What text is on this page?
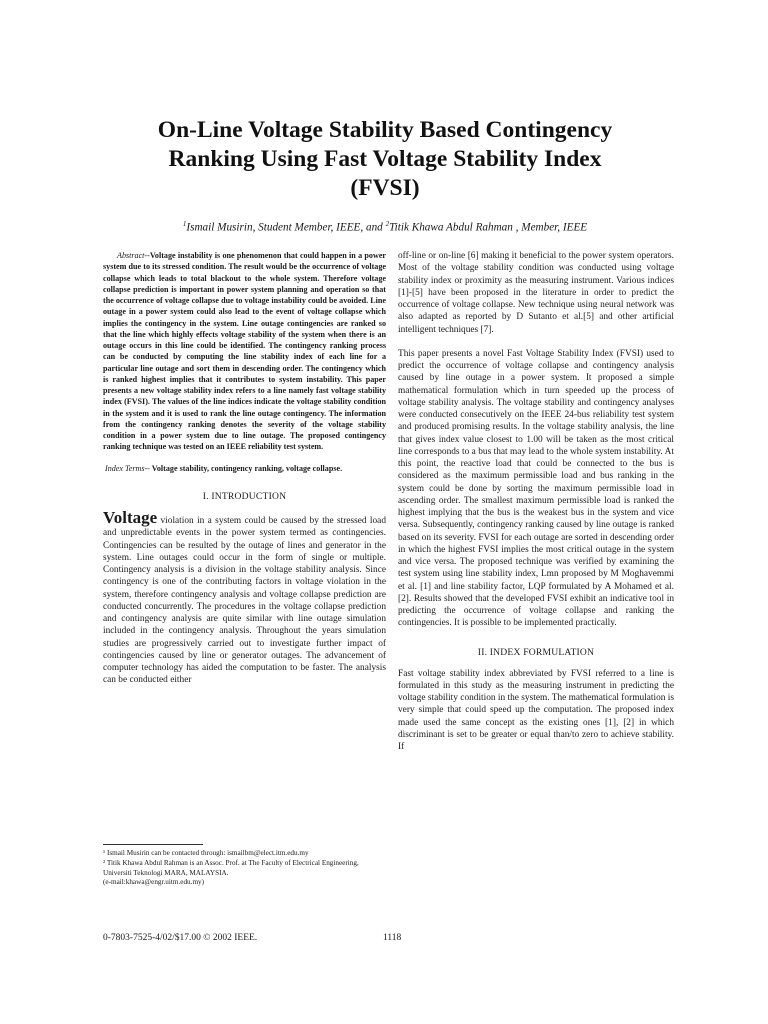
On-Line Voltage Stability Based Contingency
Ranking Using Fast Voltage Stability Index
(FVSI)

$^1$Ismail Musirin, Student Member, IEEE, and $^2$Titik Khawa Abdul Rahman , Member, IEEE

Abstract--Voltage instability is one phenomenon that could happen in a power system due to its stressed condition. The result would be the occurrence of voltage collapse which leads to total blackout to the whole system. Therefore voltage collapse prediction is important in power system planning and operation so that the occurrence of voltage collapse due to voltage instability could be avoided. Line outage in a power system could also lead to the event of voltage collapse which implies the contingency in the system. Line outage contingencies are ranked so that the line which highly effects voltage stability of the system when there is an outage occurs in this line could be identified. The contingency ranking process can be conducted by computing the line stability index of each line for a particular line outage and sort them in descending order. The contingency which is ranked highest implies that it contributes to system instability. This paper presents a new voltage stability index refers to a line namely fast voltage stability index (FVSI). The values of the line indices indicate the voltage stability condition in the system and it is used to rank the line outage contingency. The information from the contingency ranking denotes the severity of the voltage stability condition in a power system due to line outage. The proposed contingency ranking technique was tested on an IEEE reliability test system.

Index Terms-- Voltage stability, contingency ranking, voltage collapse.

I. INTRODUCTION

Voltage violation in a system could be caused by the stressed load and unpredictable events in the power system termed as contingencies. Contingencies can be resulted by the outage of lines and generator in the system. Line outages could occur in the form of single or multiple. Contingency analysis is a division in the voltage stability analysis. Since contingency is one of the contributing factors in voltage violation in the system, therefore contingency analysis and voltage collapse prediction are conducted concurrently. The procedures in the voltage collapse prediction and contingency analysis are quite similar with line outage simulation included in the contingency analysis. Throughout the years simulation studies are progressively carried out to investigate further impact of contingencies caused by line or generator outages. The advancement of computer technology has aided the computation to be faster. The analysis can be conducted either

off-line or on-line [6] making it beneficial to the power system operators. Most of the voltage stability condition was conducted using voltage stability index or proximity as the measuring instrument. Various indices [1]-[5] have been proposed in the literature in order to predict the occurrence of voltage collapse. New technique using neural network was also adapted as reported by D Sutanto et al.[5] and other artificial intelligent techniques [7].

This paper presents a novel Fast Voltage Stability Index (FVSI) used to predict the occurrence of voltage collapse and contingency analysis caused by line outage in a power system. It proposed a simple mathematical formulation which in turn speeded up the process of voltage stability analysis. The voltage stability and contingency analyses were conducted consecutively on the IEEE 24-bus reliability test system and produced promising results. In the voltage stability analysis, the line that gives index value closest to 1.00 will be taken as the most critical line corresponds to a bus that may lead to the whole system instability. At this point, the reactive load that could be connected to the bus is considered as the maximum permissible load and bus ranking in the system could be done by sorting the maximum permissible load in ascending order. The smallest maximum permissible load is ranked the highest implying that the bus is the weakest bus in the system and vice versa. Subsequently, contingency ranking caused by line outage is ranked based on its severity. FVSI for each outage are sorted in descending order in which the highest FVSI implies the most critical outage in the system and vice versa. The proposed technique was verified by examining the test system using line stability index, Lmn proposed by M Moghavemmi et al. [1] and line stability factor, LQP formulated by A Mohamed et al.[2]. Results showed that the developed FVSI exhibit an indicative tool in predicting the occurrence of voltage collapse and ranking the contingencies. It is possible to be implemented practically.

II. INDEX FORMULATION

Fast voltage stability index abbreviated by FVSI referred to a line is formulated in this study as the measuring instrument in predicting the voltage stability condition in the system. The mathematical formulation is very simple that could speed up the computation. The proposed index made used the same concept as the existing ones [1], [2] in which discriminant is set to be greater or equal than/to zero to achieve stability. If

¹ Ismail Musirin can be contacted through: ismailbm@elect.itm.edu.my

² Titik Khawa Abdul Rahman is an Assoc. Prof. at The Faculty of Electrical Engineering, Universiti Teknologi MARA, MALAYSIA.

(e-mail:khawa@engr.uitm.edu.my)

0-7803-7525-4/02/$17.00 © 2002 IEEE.	1118
